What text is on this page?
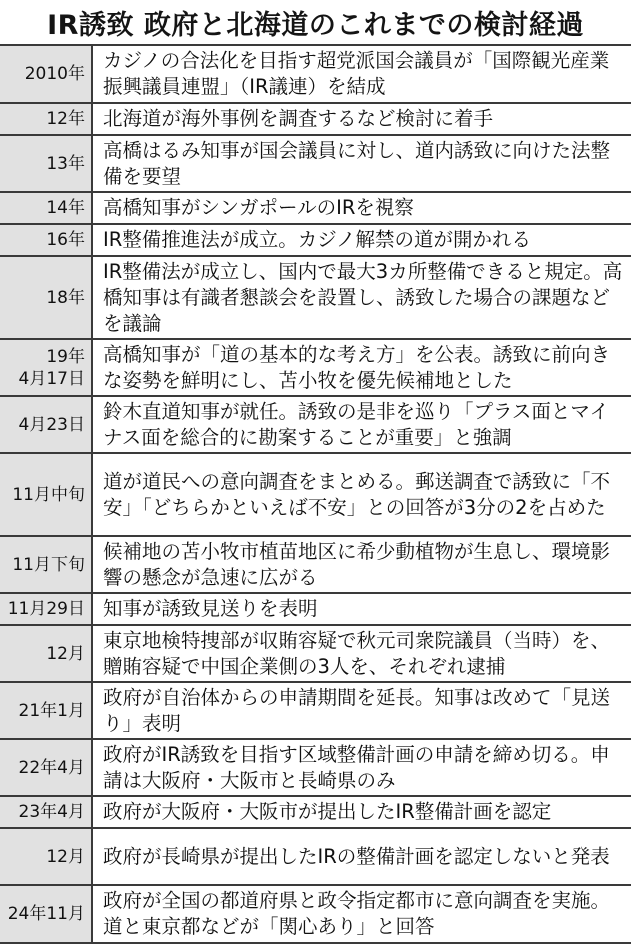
IR誘致 政府と北海道のこれまでの検討経過
2010年
カジノの合法化を目指す超党派国会議員が「国際観光産業振興議員連盟」（IR議連）を結成
12年 北海道が海外事例を調査するなど検討に着手
13年
高橋はるみ知事が国会議員に対し、道内誘致に向けた法整備を要望
14年 高橋知事がシンガポールのIRを視察
16年 IR整備推進法が成立。カジノ解禁の道が開かれる
18年
IR整備法が成立し、国内で最大3カ所整備できると規定。高橋知事は有識者懇談会を設置し、誘致した場合の課題などを議論
19年
4月17日
高橋知事が「道の基本的な考え方」を公表。誘致に前向きな姿勢を鮮明にし、苫小牧を優先候補地とした
4月23日
鈴木直道知事が就任。誘致の是非を巡り「プラス面とマイナス面を総合的に勘案することが重要」と強調
11月中旬
道が道民への意向調査をまとめる。郵送調査で誘致に「不安」「どちらかといえば不安」との回答が3分の2を占めた
11月下旬
候補地の苫小牧市植苗地区に希少動植物が生息し、環境影響の懸念が急速に広がる
11月29日 知事が誘致見送りを表明
12月
東京地検特捜部が収賄容疑で秋元司衆院議員（当時）を、贈賄容疑で中国企業側の3人を、それぞれ逮捕
21年1月
政府が自治体からの申請期間を延長。知事は改めて「見送り」表明
22年4月
政府がIR誘致を目指す区域整備計画の申請を締め切る。申請は大阪府・大阪市と長崎県のみ
23年4月 政府が大阪府・大阪市が提出したIR整備計画を認定
12月 政府が長崎県が提出したIRの整備計画を認定しないと発表
24年11月
政府が全国の都道府県と政令指定都市に意向調査を実施。道と東京都などが「関心あり」と回答
